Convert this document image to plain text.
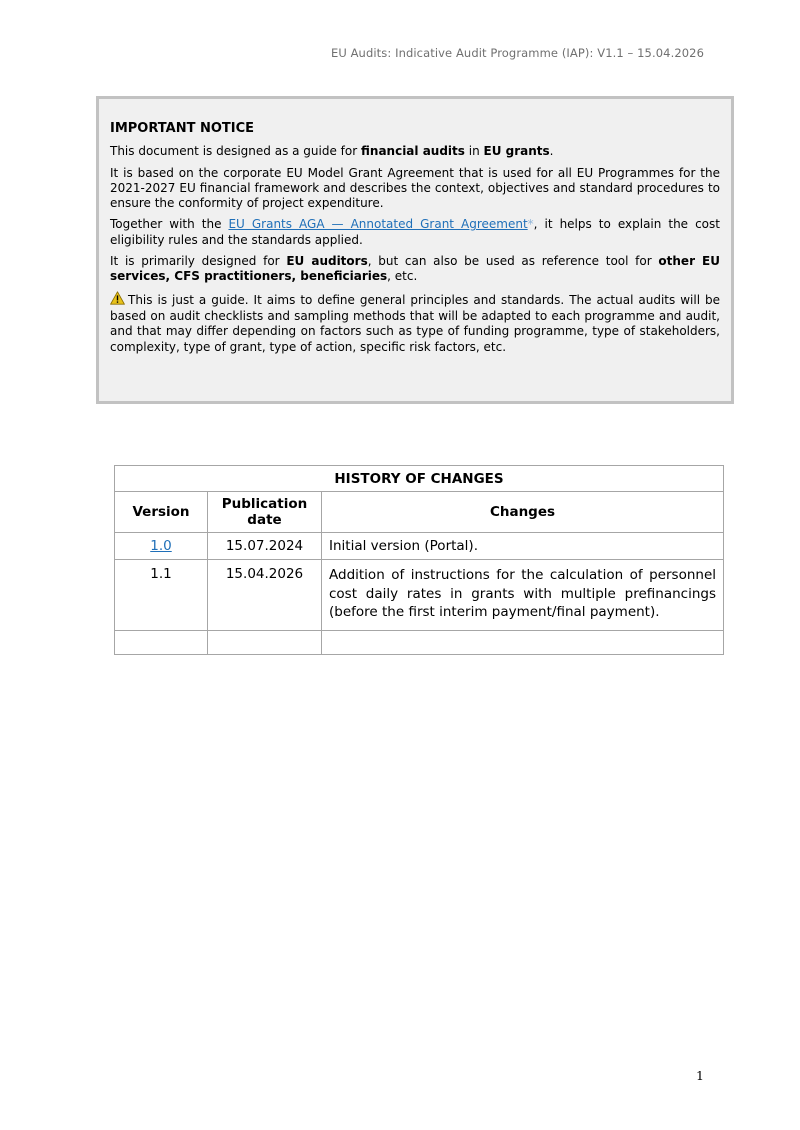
EU Audits: Indicative Audit Programme (IAP): V1.1 – 15.04.2026
IMPORTANT NOTICE

This document is designed as a guide for financial audits in EU grants.

It is based on the corporate EU Model Grant Agreement that is used for all EU Programmes for the 2021-2027 EU financial framework and describes the context, objectives and standard procedures to ensure the conformity of project expenditure.

Together with the EU Grants AGA — Annotated Grant Agreement*, it helps to explain the cost eligibility rules and the standards applied.

It is primarily designed for EU auditors, but can also be used as reference tool for other EU services, CFS practitioners, beneficiaries, etc.

This is just a guide. It aims to define general principles and standards. The actual audits will be based on audit checklists and sampling methods that will be adapted to each programme and audit, and that may differ depending on factors such as type of funding programme, type of stakeholders, complexity, type of grant, type of action, specific risk factors, etc.

HISTORY OF CHANGES		
Version	Publication date	Changes
1.0	15.07.2024	Initial version (Portal).
1.1	15.04.2026	Addition of instructions for the calculation of personnel cost daily rates in grants with multiple prefinancings (before the first interim payment/final payment).

1
